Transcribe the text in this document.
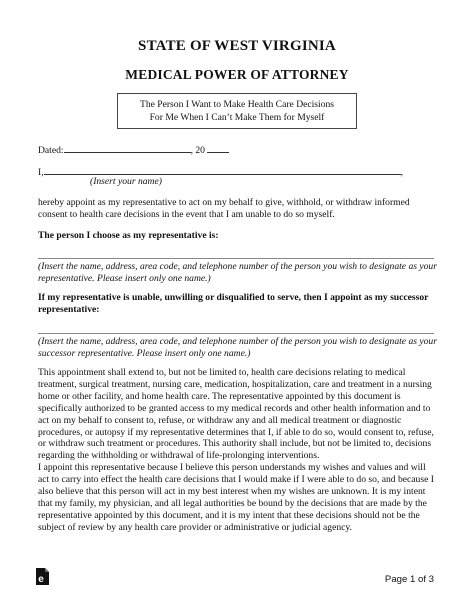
STATE OF WEST VIRGINIA
MEDICAL POWER OF ATTORNEY
The Person I Want to Make Health Care Decisions
For Me When I Can’t Make Them for Myself
Dated:	, 20
I,	,
(Insert your name)
hereby appoint as my representative to act on my behalf to give, withhold, or withdraw informed consent to health care decisions in the event that I am unable to do so myself.
The person I choose as my representative is:
(Insert the name, address, area code, and telephone number of the person you wish to designate as your representative. Please insert only one name.)
If my representative is unable, unwilling or disqualified to serve, then I appoint as my successor representative:
(Insert the name, address, area code, and telephone number of the person you wish to designate as your successor representative. Please insert only one name.)
This appointment shall extend to, but not be limited to, health care decisions relating to medical treatment, surgical treatment, nursing care, medication, hospitalization, care and treatment in a nursing home or other facility, and home health care. The representative appointed by this document is specifically authorized to be granted access to my medical records and other health information and to act on my behalf to consent to, refuse, or withdraw any and all medical treatment or diagnostic procedures, or autopsy if my representative determines that I, if able to do so, would consent to, refuse, or withdraw such treatment or procedures. This authority shall include, but not be limited to, decisions regarding the withholding or withdrawal of life-prolonging interventions.
I appoint this representative because I believe this person understands my wishes and values and will act to carry into effect the health care decisions that I would make if I were able to do so, and because I also believe that this person will act in my best interest when my wishes are unknown. It is my intent that my family, my physician, and all legal authorities be bound by the decisions that are made by the representative appointed by this document, and it is my intent that these decisions should not be the subject of review by any health care provider or administrative or judicial agency.
e	Page 1 of 3
